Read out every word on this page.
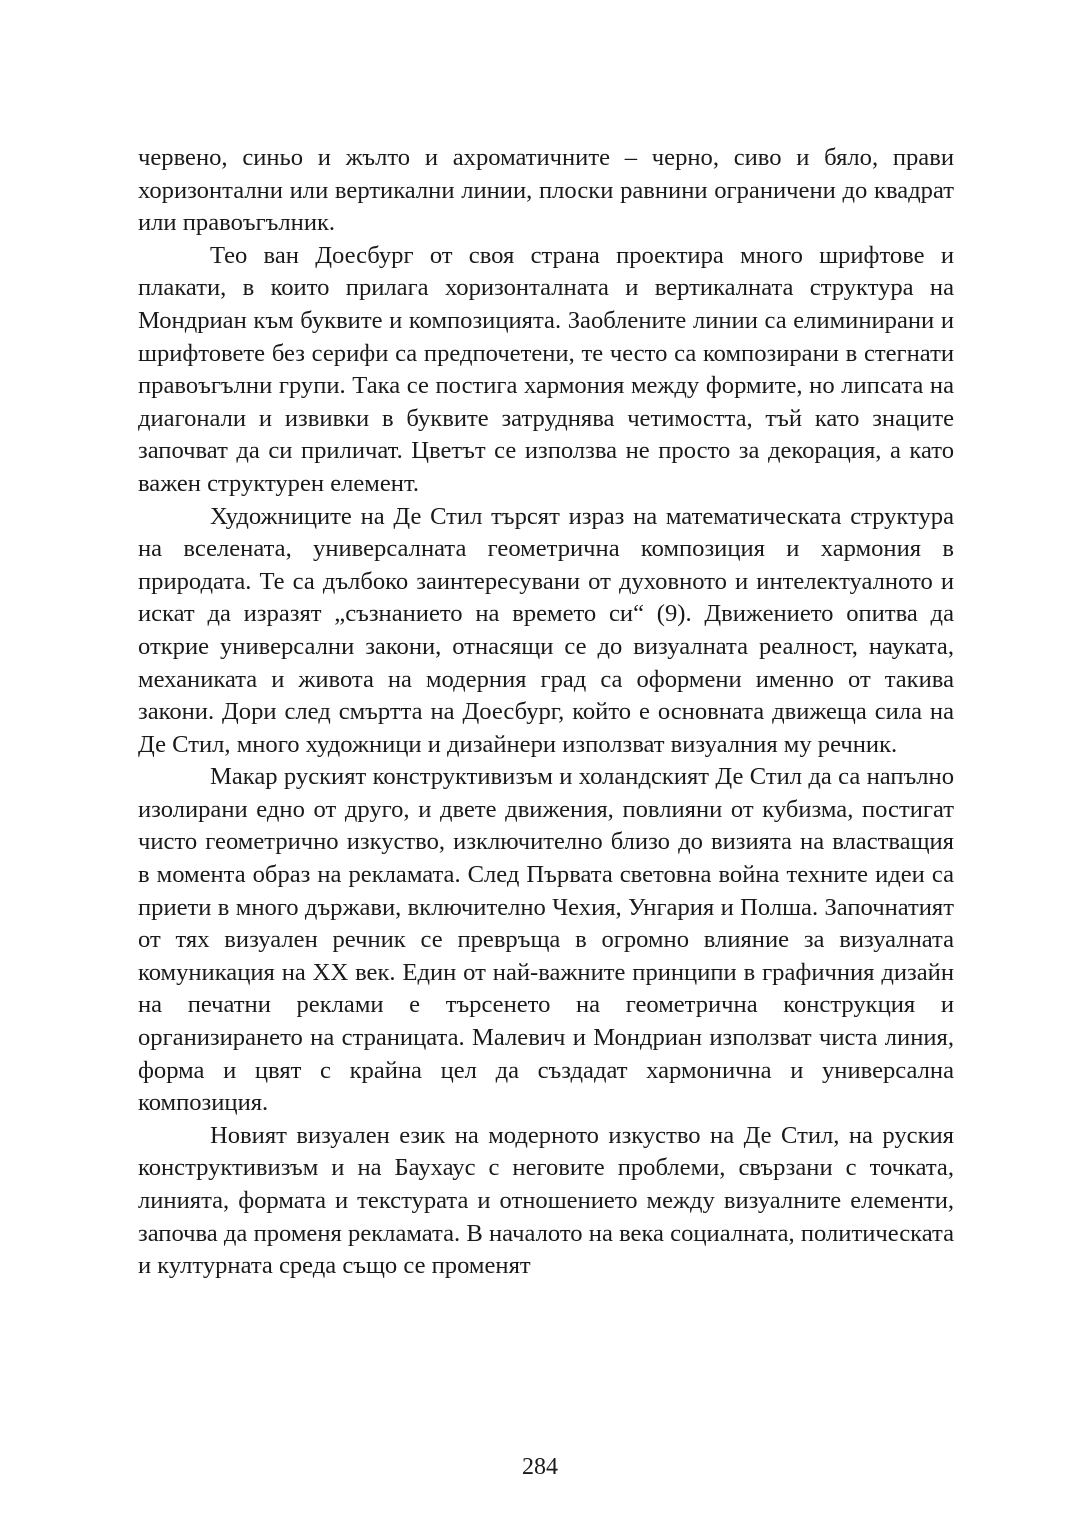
червено, синьо и жълто и ахроматичните – черно, сиво и бяло, прави хоризонтални или вертикални линии, плоски равнини ограничени до квадрат или правоъгълник.

Тео ван Доесбург от своя страна проектира много шрифтове и плакати, в които прилага хоризонталната и вертикалната структура на Мондриан към буквите и композицията. Заоблените линии са елиминирани и шрифтовете без серифи са предпочетени, те често са композирани в стегнати правоъгълни групи. Така се постига хармония между формите, но липсата на диагонали и извивки в буквите затруднява четимостта, тъй като знаците започват да си приличат. Цветът се използва не просто за декорация, а като важен структурен елемент.

Художниците на Де Стил търсят израз на математическата структура на вселената, универсалната геометрична композиция и хармония в природата. Те са дълбоко заинтересувани от духовното и интелектуалното и искат да изразят „съзнанието на времето си“ (9). Движението опитва да открие универсални закони, отнасящи се до визуалната реалност, науката, механиката и живота на модерния град са оформени именно от такива закони. Дори след смъртта на Доесбург, който е основната движеща сила на Де Стил, много художници и дизайнери използват визуалния му речник.

Макар руският конструктивизъм и холандският Де Стил да са напълно изолирани едно от друго, и двете движения, повлияни от кубизма, постигат чисто геометрично изкуство, изключително близо до визията на властващия в момента образ на рекламата. След Първата световна война техните идеи са приети в много държави, включително Чехия, Унгария и Полша. Започнатият от тях визуален речник се превръща в огромно влияние за визуалната комуникация на ХХ век. Един от най-важните принципи в графичния дизайн на печатни реклами е търсенето на геометрична конструкция и организирането на страницата. Малевич и Мондриан използват чиста линия, форма и цвят с крайна цел да създадат хармонична и универсална композиция.

Новият визуален език на модерното изкуство на Де Стил, на руския конструктивизъм и на Баухаус с неговите проблеми, свързани с точката, линията, формата и текстурата и отношението между визуалните елементи, започва да променя рекламата. В началото на века социалната, политическата и културната среда също се променят

284
